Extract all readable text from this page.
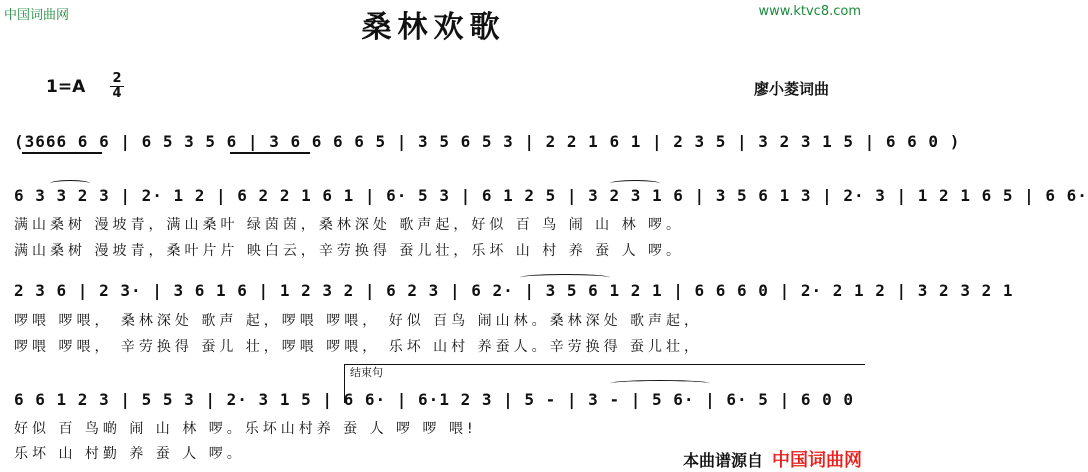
中国词曲网	www.ktvc8.com
桑林欢歌
1=A 2
4	廖小菱词曲
(3666 6 6 | 6 5 3 5 6 | 3 6 6 6 6 5 | 3 5 6 5 3 | 2 2 1 6 1 | 2 3 5 | 3 2 3 1 5 | 6 6 0 )
6 3 3 2 3 | 2· 1 2 | 6 2 2 1 6 1 | 6· 5 3 | 6 1 2 5 | 3 2 3 1 6 | 3 5 6 1 3 | 2· 3 | 1 2 1 6 5 | 6 6·
满山桑树 漫坡青，满山桑叶 绿茵茵，桑林深处 歌声起，好似 百 鸟 闹 山 林 啰。
满山桑树 漫坡青，桑叶片片 映白云，辛劳换得 蚕儿壮，乐坏 山 村 养 蚕 人 啰。
2 3 6 | 2 3· | 3 6 1 6 | 1 2 3 2 | 6 2 3 | 6 2· | 3 5 6 1 2 1 | 6 6 6 0 | 2· 2 1 2 | 3 2 3 2 1
啰喂 啰喂， 桑林深处 歌声 起，啰喂 啰喂， 好似 百鸟 闹山林。桑林深处 歌声起，
啰喂 啰喂， 辛劳换得 蚕儿 壮，啰喂 啰喂， 乐坏 山村 养蚕人。辛劳换得 蚕儿壮，
结束句
6 6 1 2 3 | 5 5 3 | 2· 3 1 5 | 6 6· | 6·1 2 3 | 5 - | 3 - | 5 6· | 6· 5 | 6 0 0
好似 百 鸟啲 闹 山 林 啰。乐坏山村养 蚕 人 啰 啰 喂!
乐坏 山 村勤 养 蚕 人 啰。	本曲谱源自 中国词曲网
